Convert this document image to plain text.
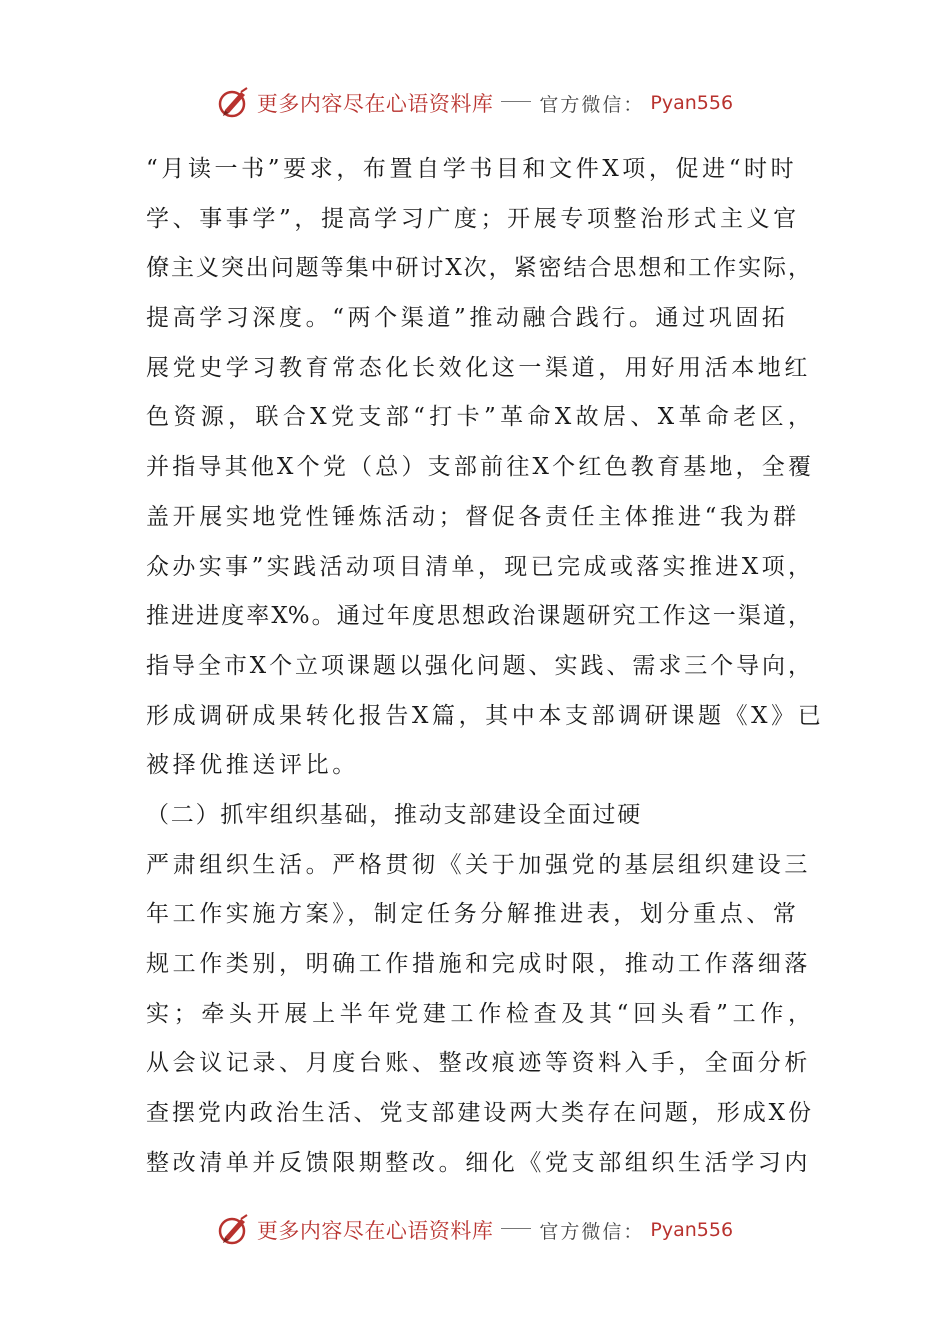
更多内容尽在心语资料库 官方微信： Pyan556
“月读一书”要求，布置自学书目和文件X项，促进“时时
学、事事学”，提高学习广度；开展专项整治形式主义官
僚主义突出问题等集中研讨X次，紧密结合思想和工作实际，
提高学习深度。“两个渠道”推动融合践行。通过巩固拓
展党史学习教育常态化长效化这一渠道，用好用活本地红
色资源，联合X党支部“打卡”革命X故居、X革命老区，
并指导其他X个党（总）支部前往X个红色教育基地，全覆
盖开展实地党性锤炼活动；督促各责任主体推进“我为群
众办实事”实践活动项目清单，现已完成或落实推进X项，
推进进度率X%。通过年度思想政治课题研究工作这一渠道，
指导全市X个立项课题以强化问题、实践、需求三个导向，
形成调研成果转化报告X篇，其中本支部调研课题《X》已
被择优推送评比。
（二）抓牢组织基础，推动支部建设全面过硬
严肃组织生活。严格贯彻《关于加强党的基层组织建设三
年工作实施方案》，制定任务分解推进表，划分重点、常
规工作类别，明确工作措施和完成时限，推动工作落细落
实；牵头开展上半年党建工作检查及其“回头看”工作，
从会议记录、月度台账、整改痕迹等资料入手，全面分析
查摆党内政治生活、党支部建设两大类存在问题，形成X份
整改清单并反馈限期整改。细化《党支部组织生活学习内
更多内容尽在心语资料库 官方微信： Pyan556
